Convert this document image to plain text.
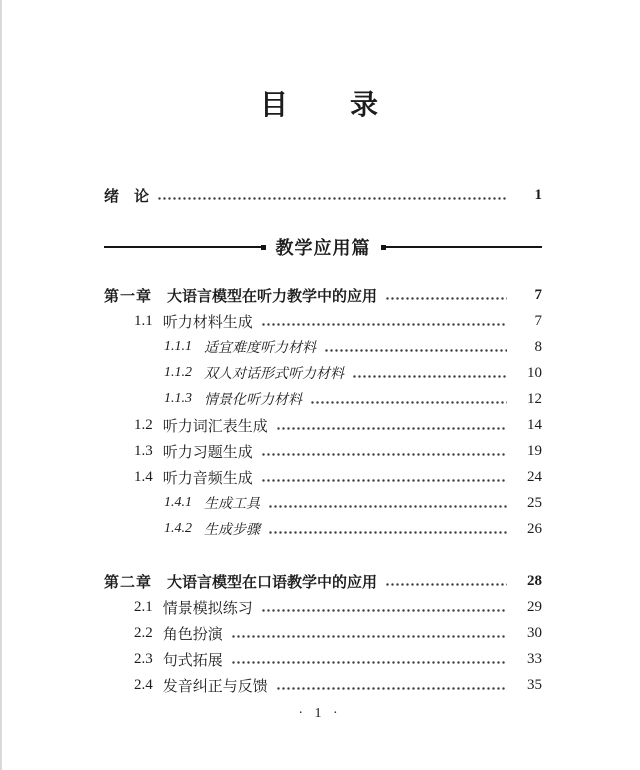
目　　录
绪　论	1
教学应用篇
第一章 大语言模型在听力教学中的应用	7
1.1 听力材料生成	7
1.1.1 适宜难度听力材料	8
1.1.2 双人对话形式听力材料	10
1.1.3 情景化听力材料	12
1.2 听力词汇表生成	14
1.3 听力习题生成	19
1.4 听力音频生成	24
1.4.1 生成工具	25
1.4.2 生成步骤	26
第二章 大语言模型在口语教学中的应用	28
2.1 情景模拟练习	29
2.2 角色扮演	30
2.3 句式拓展	33
2.4 发音纠正与反馈	35
· 1 ·
